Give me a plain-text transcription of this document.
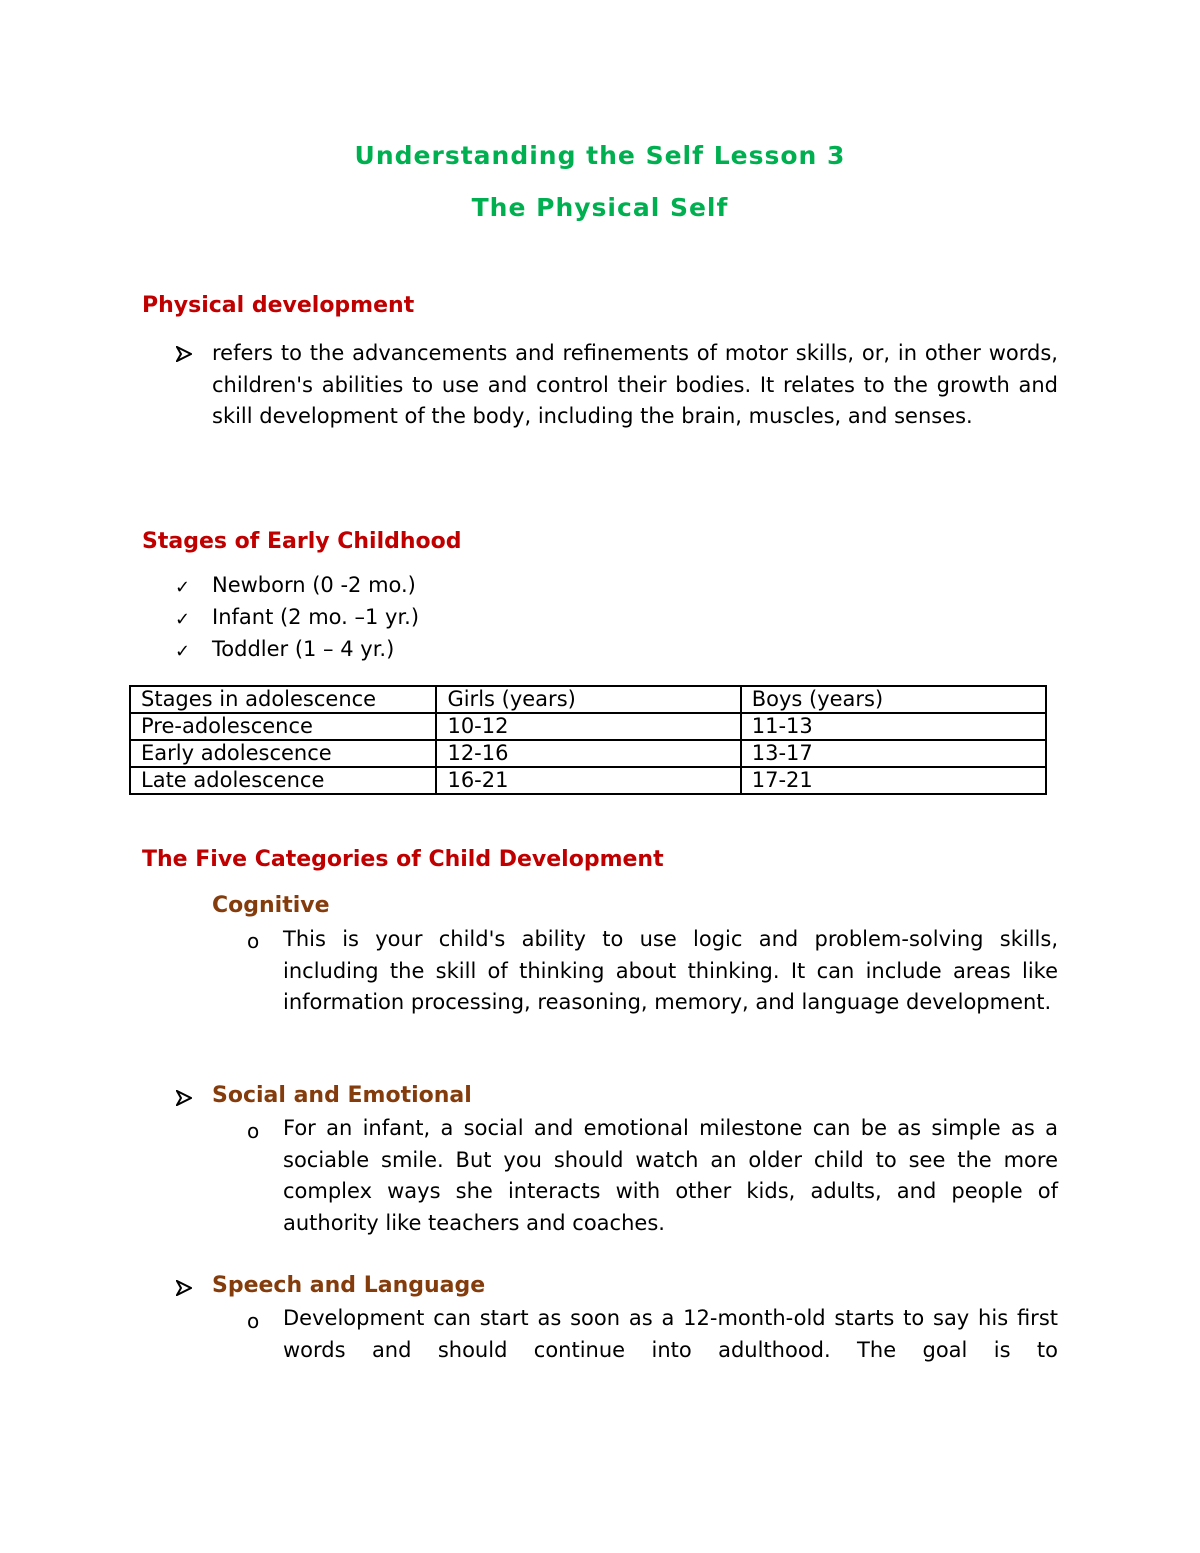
Understanding the Self Lesson 3
The Physical Self
Physical development
refers to the advancements and refinements of motor skills, or, in other words, children's abilities to use and control their bodies. It relates to the growth and skill development of the body, including the brain, muscles, and senses.
Stages of Early Childhood
✓ Newborn (0 -2 mo.)
✓ Infant (2 mo. –1 yr.)
✓ Toddler (1 – 4 yr.)
Stages in adolescence	Girls (years)	Boys (years)
Pre-adolescence	10-12	11-13
Early adolescence	12-16	13-17
Late adolescence	16-21	17-21
The Five Categories of Child Development
Cognitive
o This is your child's ability to use logic and problem-solving skills, including the skill of thinking about thinking. It can include areas like information processing, reasoning, memory, and language development.
Social and Emotional
o For an infant, a social and emotional milestone can be as simple as a sociable smile. But you should watch an older child to see the more complex ways she interacts with other kids, adults, and people of authority like teachers and coaches.
Speech and Language
o Development can start as soon as a 12-month-old starts to say his first words and should continue into adulthood. The goal is to
